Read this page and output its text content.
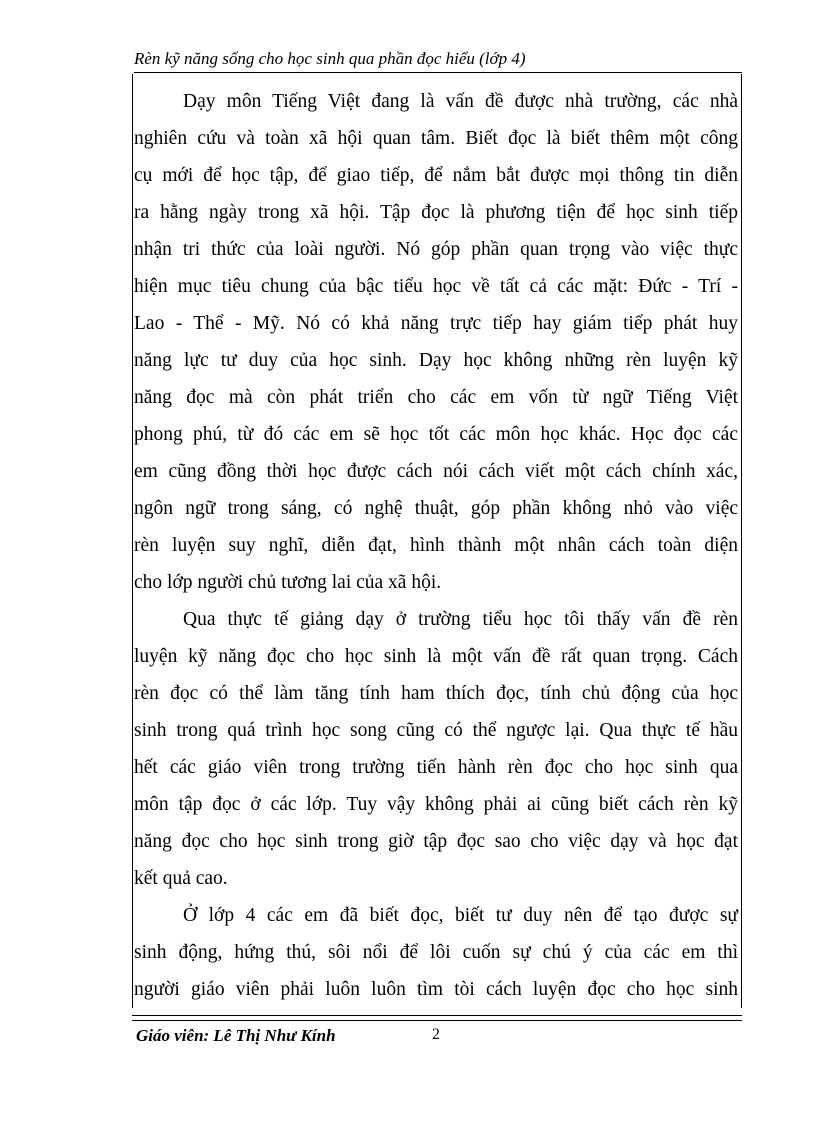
Rèn kỹ năng sống cho học sinh qua phần đọc hiểu (lớp 4)

Dạy môn Tiếng Việt đang là vấn đề được nhà trường, các nhà

nghiên cứu và toàn xã hội quan tâm. Biết đọc là biết thêm một công

cụ mới để học tập, để giao tiếp, để nắm bắt được mọi thông tin diễn

ra hằng ngày trong xã hội. Tập đọc là phương tiện để học sinh tiếp

nhận tri thức của loài người. Nó góp phần quan trọng vào việc thực

hiện mục tiêu chung của bậc tiểu học về tất cả các mặt: Đức - Trí -

Lao - Thể - Mỹ. Nó có khả năng trực tiếp hay giám tiếp phát huy

năng lực tư duy của học sinh. Dạy học không những rèn luyện kỹ

năng đọc mà còn phát triển cho các em vốn từ ngữ Tiếng Việt

phong phú, từ đó các em sẽ học tốt các môn học khác. Học đọc các

em cũng đồng thời học được cách nói cách viết một cách chính xác,

ngôn ngữ trong sáng, có nghệ thuật, góp phần không nhỏ vào việc

rèn luyện suy nghĩ, diễn đạt, hình thành một nhân cách toàn diện

cho lớp người chủ tương lai của xã hội.

Qua thực tế giảng dạy ở trường tiểu học tôi thấy vấn đề rèn

luyện kỹ năng đọc cho học sinh là một vấn đề rất quan trọng. Cách

rèn đọc có thể làm tăng tính ham thích đọc, tính chủ động của học

sinh trong quá trình học song cũng có thể ngược lại. Qua thực tế hầu

hết các giáo viên trong trường tiến hành rèn đọc cho học sinh qua

môn tập đọc ở các lớp. Tuy vậy không phải ai cũng biết cách rèn kỹ

năng đọc cho học sinh trong giờ tập đọc sao cho việc dạy và học đạt

kết quả cao.

Ở lớp 4 các em đã biết đọc, biết tư duy nên để tạo được sự

sinh động, hứng thú, sôi nổi để lôi cuốn sự chú ý của các em thì

người giáo viên phải luôn luôn tìm tòi cách luyện đọc cho học sinh

Giáo viên: Lê Thị Như Kính	2
